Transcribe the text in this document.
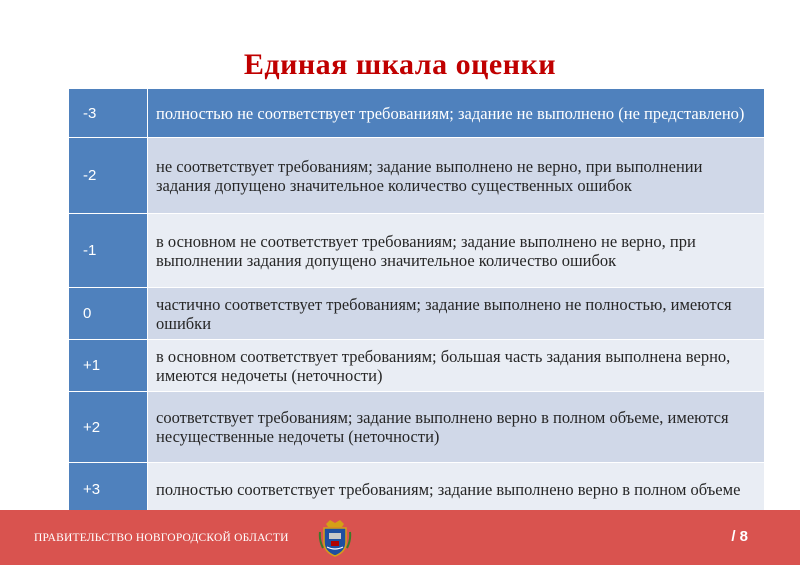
Единая шкала оценки
-3	полностью не соответствует требованиям; задание не выполнено (не представлено)
-2	не соответствует требованиям; задание выполнено не верно, при выполнении задания допущено значительное количество существенных ошибок
-1	в основном не соответствует требованиям; задание выполнено не верно, при выполнении задания допущено значительное количество ошибок
0	частично соответствует требованиям; задание выполнено не полностью, имеются ошибки
+1	в основном соответствует требованиям; большая часть задания выполнена верно, имеются недочеты (неточности)
+2	соответствует требованиям; задание выполнено верно в полном объеме, имеются несущественные недочеты (неточности)
+3	полностью соответствует требованиям; задание выполнено верно в полном объеме
ПРАВИТЕЛЬСТВО НОВГОРОДСКОЙ ОБЛАСТИ	/ 8
